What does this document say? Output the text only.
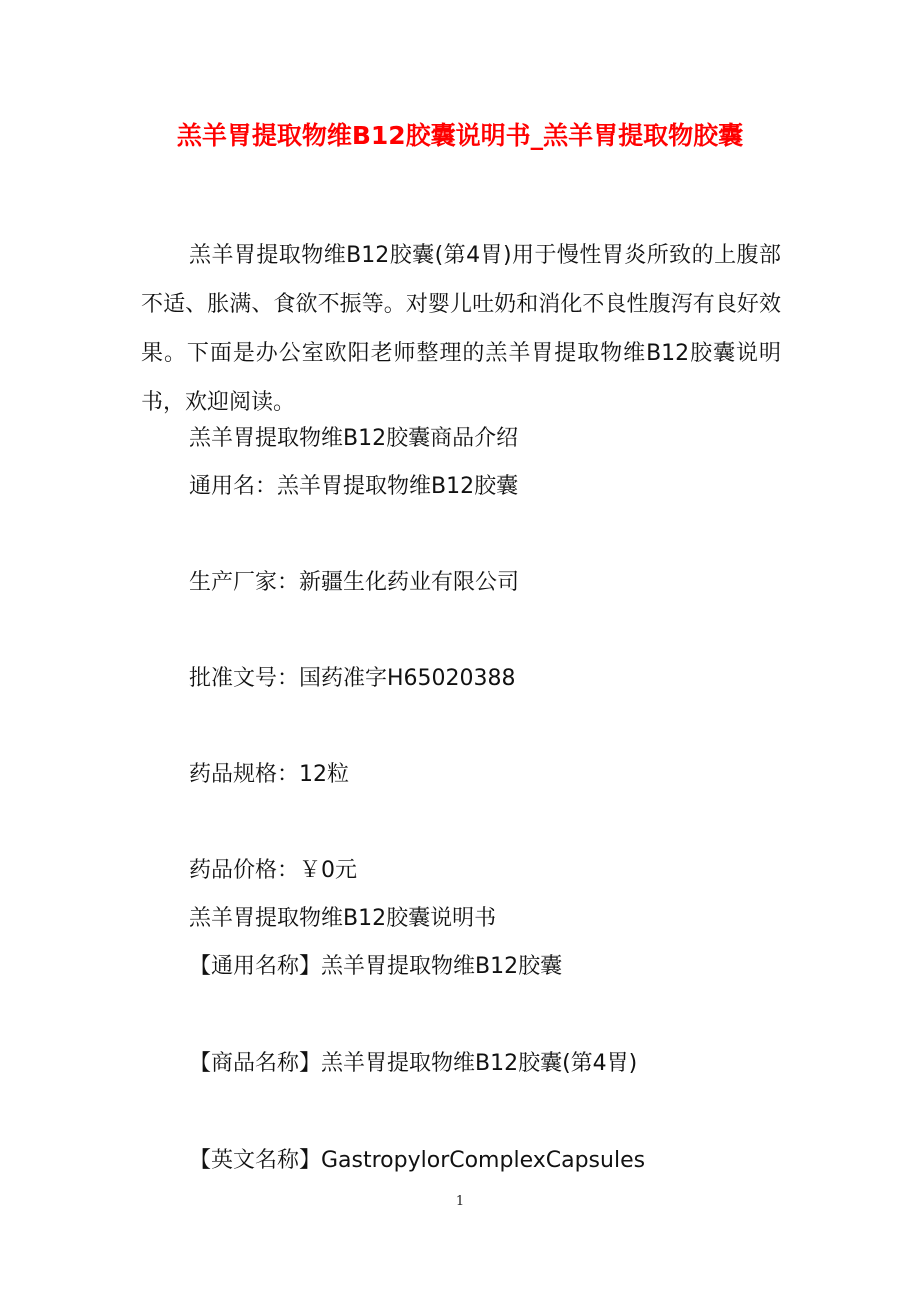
羔羊胃提取物维B12胶囊说明书_羔羊胃提取物胶囊

羔羊胃提取物维B12胶囊(第4胃)用于慢性胃炎所致的上腹部不适、胀满、食欲不振等。对婴儿吐奶和消化不良性腹泻有良好效果。下面是办公室欧阳老师整理的羔羊胃提取物维B12胶囊说明书，欢迎阅读。

羔羊胃提取物维B12胶囊商品介绍
通用名：羔羊胃提取物维B12胶囊
生产厂家：新疆生化药业有限公司
批准文号：国药准字H65020388
药品规格：12粒
药品价格：￥0元
羔羊胃提取物维B12胶囊说明书
【通用名称】羔羊胃提取物维B12胶囊
【商品名称】羔羊胃提取物维B12胶囊(第4胃)
【英文名称】GastropylorComplexCapsules
1
